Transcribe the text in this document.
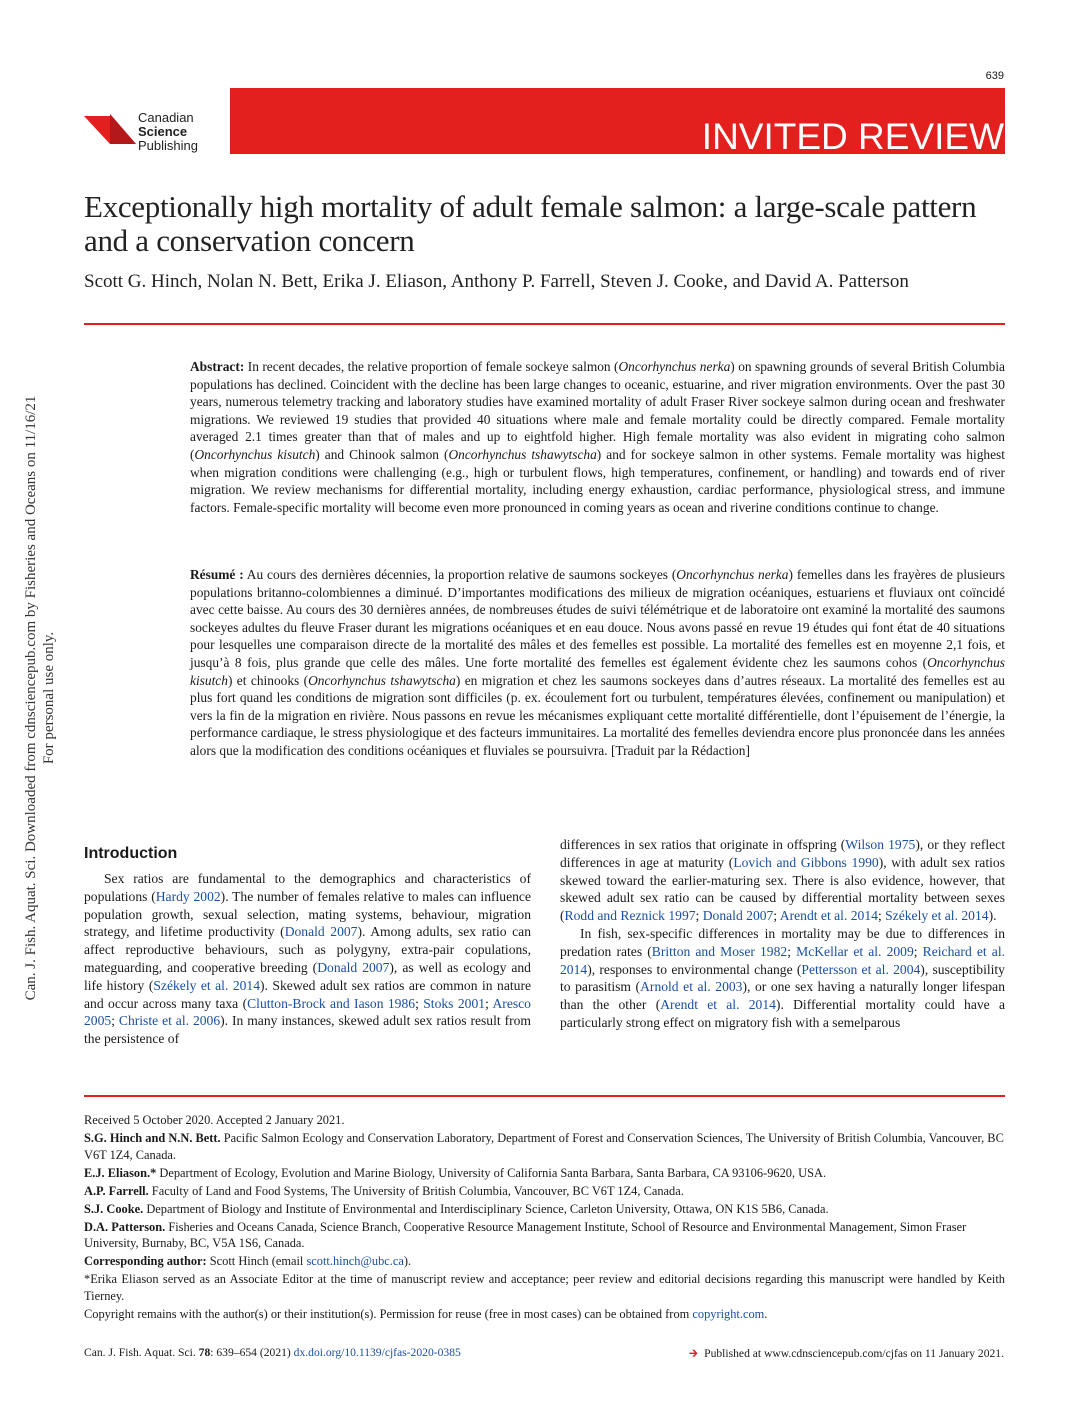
639
Canadian
Science
Publishing	INVITED REVIEW
Can. J. Fish. Aquat. Sci. Downloaded from cdnsciencepub.com by Fisheries and Oceans on 11/16/21 For personal use only.
Exceptionally high mortality of adult female salmon: a large-scale pattern and a conservation concern
Scott G. Hinch, Nolan N. Bett, Erika J. Eliason, Anthony P. Farrell, Steven J. Cooke, and David A. Patterson
Abstract: In recent decades, the relative proportion of female sockeye salmon (Oncorhynchus nerka) on spawning grounds of several British Columbia populations has declined. Coincident with the decline has been large changes to oceanic, estuarine, and river migration environments. Over the past 30 years, numerous telemetry tracking and laboratory studies have examined mortality of adult Fraser River sockeye salmon during ocean and freshwater migrations. We reviewed 19 studies that provided 40 situations where male and female mortality could be directly compared. Female mortality averaged 2.1 times greater than that of males and up to eightfold higher. High female mortality was also evident in migrating coho salmon (Oncorhynchus kisutch) and Chinook salmon (Oncorhynchus tshawytscha) and for sockeye salmon in other systems. Female mortality was highest when migration conditions were challenging (e.g., high or turbulent flows, high temperatures, confinement, or handling) and towards end of river migration. We review mechanisms for differential mortality, including energy exhaustion, cardiac performance, physiological stress, and immune factors. Female-specific mortality will become even more pronounced in coming years as ocean and riverine conditions continue to change.
Résumé : Au cours des dernières décennies, la proportion relative de saumons sockeyes (Oncorhynchus nerka) femelles dans les frayères de plusieurs populations britanno-colombiennes a diminué. D’importantes modifications des milieux de migration océaniques, estuariens et fluviaux ont coïncidé avec cette baisse. Au cours des 30 dernières années, de nombreuses études de suivi télémétrique et de laboratoire ont examiné la mortalité des saumons sockeyes adultes du fleuve Fraser durant les migrations océaniques et en eau douce. Nous avons passé en revue 19 études qui font état de 40 situations pour lesquelles une comparaison directe de la mortalité des mâles et des femelles est possible. La mortalité des femelles est en moyenne 2,1 fois, et jusqu’à 8 fois, plus grande que celle des mâles. Une forte mortalité des femelles est également évidente chez les saumons cohos (Oncorhynchus kisutch) et chinooks (Oncorhynchus tshawytscha) en migration et chez les saumons sockeyes dans d’autres réseaux. La mortalité des femelles est au plus fort quand les conditions de migration sont difficiles (p. ex. écoulement fort ou turbulent, températures élevées, confinement ou manipulation) et vers la fin de la migration en rivière. Nous passons en revue les mécanismes expliquant cette mortalité différentielle, dont l’épuisement de l’énergie, la performance cardiaque, le stress physiologique et des facteurs immunitaires. La mortalité des femelles deviendra encore plus prononcée dans les années alors que la modification des conditions océaniques et fluviales se poursuivra. [Traduit par la Rédaction]
Introduction
Sex ratios are fundamental to the demographics and characteristics of populations (Hardy 2002). The number of females relative to males can influence population growth, sexual selection, mating systems, behaviour, migration strategy, and lifetime productivity (Donald 2007). Among adults, sex ratio can affect reproductive behaviours, such as polygyny, extra-pair copulations, mateguarding, and cooperative breeding (Donald 2007), as well as ecology and life history (Székely et al. 2014). Skewed adult sex ratios are common in nature and occur across many taxa (Clutton-Brock and Iason 1986; Stoks 2001; Aresco 2005; Christe et al. 2006). In many instances, skewed adult sex ratios result from the persistence of
differences in sex ratios that originate in offspring (Wilson 1975), or they reflect differences in age at maturity (Lovich and Gibbons 1990), with adult sex ratios skewed toward the earlier-maturing sex. There is also evidence, however, that skewed adult sex ratio can be caused by differential mortality between sexes (Rodd and Reznick 1997; Donald 2007; Arendt et al. 2014; Székely et al. 2014).
In fish, sex-specific differences in mortality may be due to differences in predation rates (Britton and Moser 1982; McKellar et al. 2009; Reichard et al. 2014), responses to environmental change (Pettersson et al. 2004), susceptibility to parasitism (Arnold et al. 2003), or one sex having a naturally longer lifespan than the other (Arendt et al. 2014). Differential mortality could have a particularly strong effect on migratory fish with a semelparous

Received 5 October 2020. Accepted 2 January 2021.

S.G. Hinch and N.N. Bett. Pacific Salmon Ecology and Conservation Laboratory, Department of Forest and Conservation Sciences, The University of British Columbia, Vancouver, BC V6T 1Z4, Canada.

E.J. Eliason.* Department of Ecology, Evolution and Marine Biology, University of California Santa Barbara, Santa Barbara, CA 93106-9620, USA.

A.P. Farrell. Faculty of Land and Food Systems, The University of British Columbia, Vancouver, BC V6T 1Z4, Canada.

S.J. Cooke. Department of Biology and Institute of Environmental and Interdisciplinary Science, Carleton University, Ottawa, ON K1S 5B6, Canada.

D.A. Patterson. Fisheries and Oceans Canada, Science Branch, Cooperative Resource Management Institute, School of Resource and Environmental Management, Simon Fraser University, Burnaby, BC, V5A 1S6, Canada.

Corresponding author: Scott Hinch (email scott.hinch@ubc.ca).

*Erika Eliason served as an Associate Editor at the time of manuscript review and acceptance; peer review and editorial decisions regarding this manuscript were handled by Keith Tierney.

Copyright remains with the author(s) or their institution(s). Permission for reuse (free in most cases) can be obtained from copyright.com.

Can. J. Fish. Aquat. Sci. 78: 639–654 (2021) dx.doi.org/10.1139/cjfas-2020-0385	🡲 Published at www.cdnsciencepub.com/cjfas on 11 January 2021.
